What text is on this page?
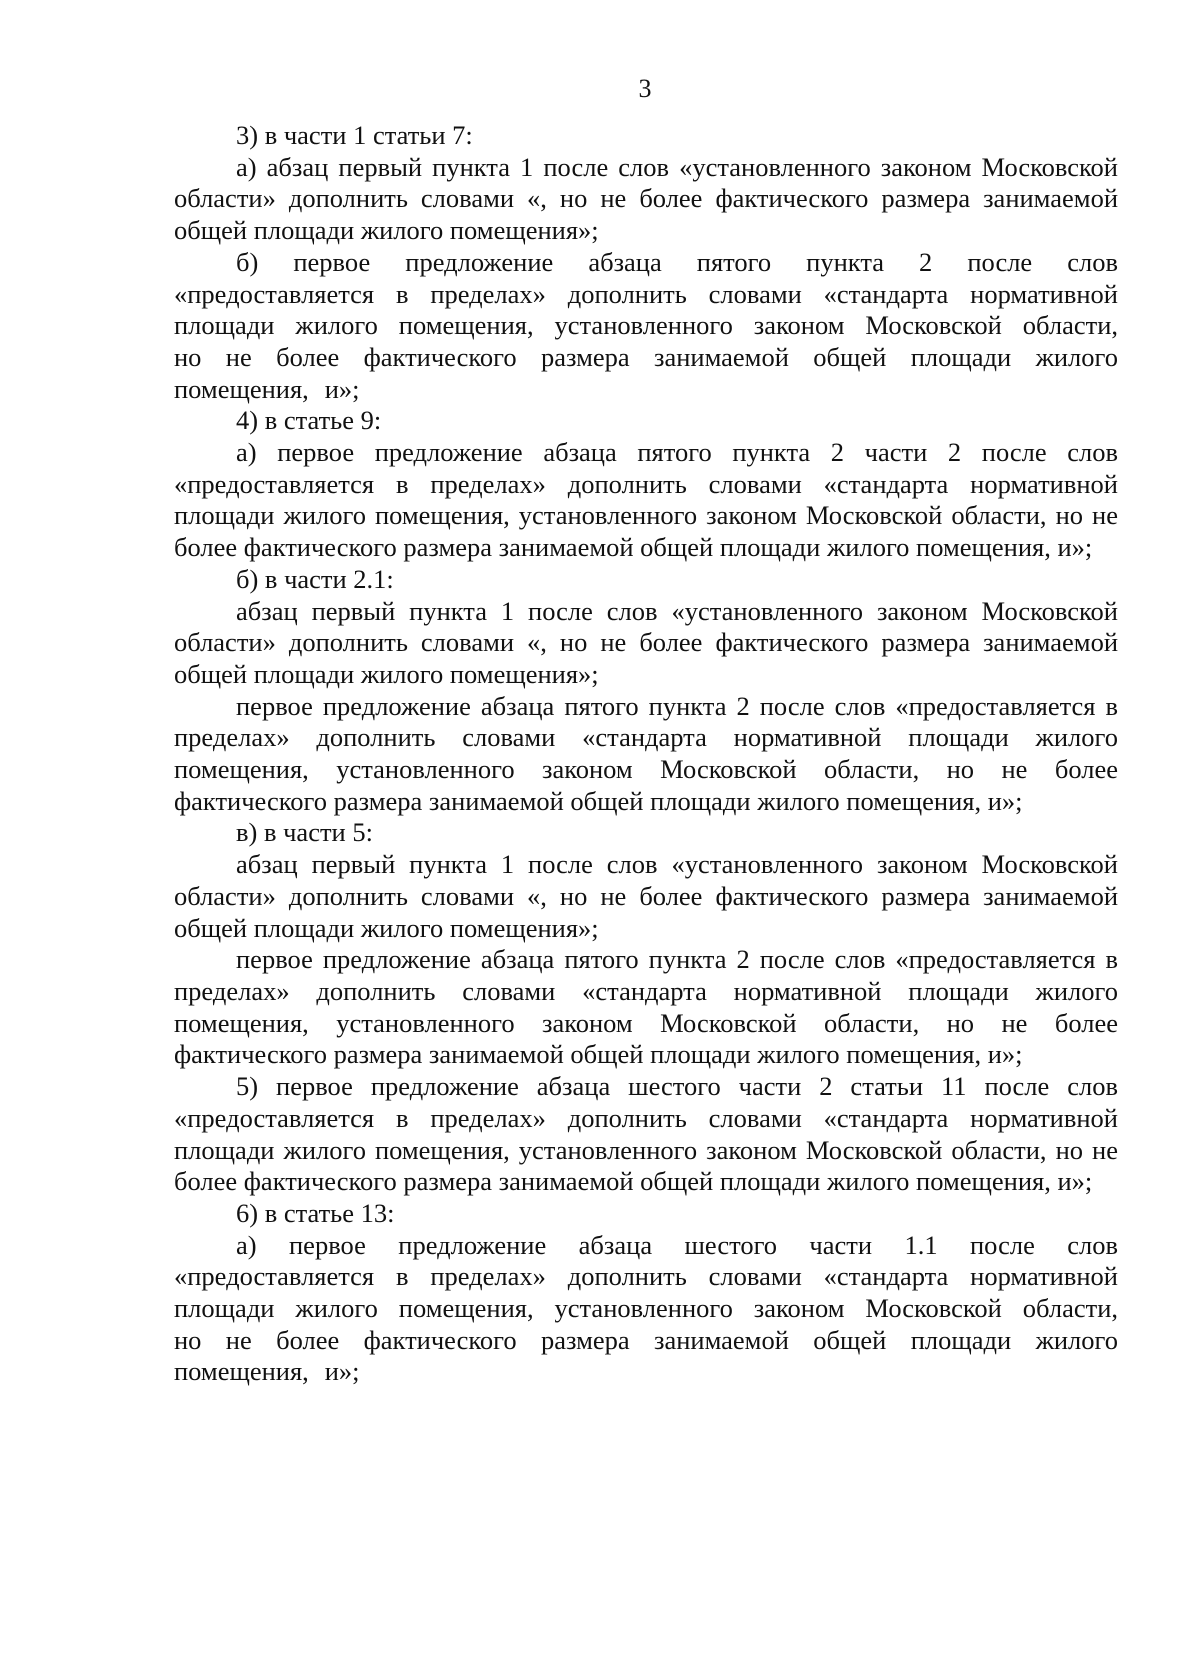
3

3) в части 1 статьи 7:

а) абзац первый пункта 1 после слов «установленного законом Московской области» дополнить словами «, но не более фактического размера занимаемой общей площади жилого помещения»;

б) первое предложение абзаца пятого пункта 2 после слов «предоставляется в пределах» дополнить словами «стандарта нормативной площади жилого помещения, установленного законом Московской области, но не более фактического размера занимаемой общей площади жилого помещения, и»;

4) в статье 9:

а) первое предложение абзаца пятого пункта 2 части 2 после слов «предоставляется в пределах» дополнить словами «стандарта нормативной площади жилого помещения, установленного законом Московской области, но не более фактического размера занимаемой общей площади жилого помещения, и»;

б) в части 2.1:

абзац первый пункта 1 после слов «установленного законом Московской области» дополнить словами «, но не более фактического размера занимаемой общей площади жилого помещения»;

первое предложение абзаца пятого пункта 2 после слов «предоставляется в пределах» дополнить словами «стандарта нормативной площади жилого помещения, установленного законом Московской области, но не более фактического размера занимаемой общей площади жилого помещения, и»;

в) в части 5:

абзац первый пункта 1 после слов «установленного законом Московской области» дополнить словами «, но не более фактического размера занимаемой общей площади жилого помещения»;

первое предложение абзаца пятого пункта 2 после слов «предоставляется в пределах» дополнить словами «стандарта нормативной площади жилого помещения, установленного законом Московской области, но не более фактического размера занимаемой общей площади жилого помещения, и»;

5) первое предложение абзаца шестого части 2 статьи 11 после слов «предоставляется в пределах» дополнить словами «стандарта нормативной площади жилого помещения, установленного законом Московской области, но не более фактического размера занимаемой общей площади жилого помещения, и»;

6) в статье 13:

а) первое предложение абзаца шестого части 1.1 после слов «предоставляется в пределах» дополнить словами «стандарта нормативной площади жилого помещения, установленного законом Московской области, но не более фактического размера занимаемой общей площади жилого помещения, и»;
